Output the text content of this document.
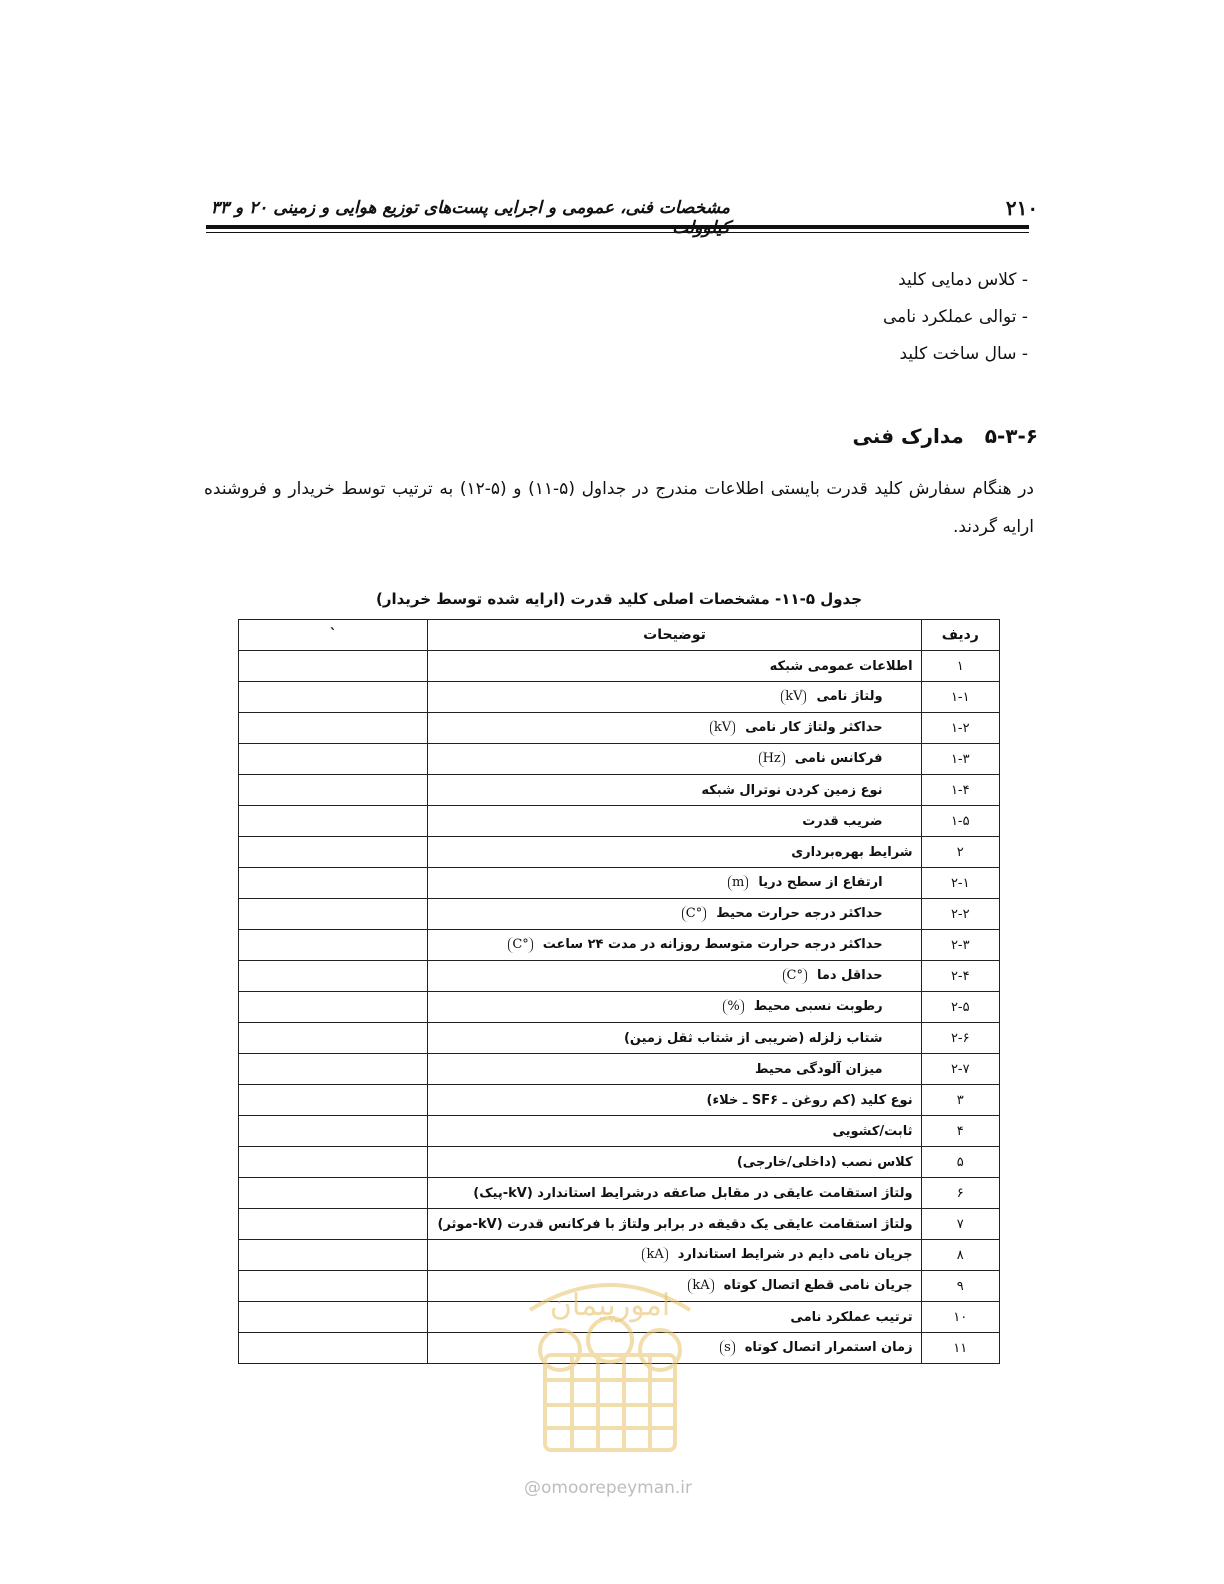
۲۱۰
مشخصات فنی، عمومی و اجرایی پست‌های توزیع هوایی و زمینی ۲۰ و ۳۳
- کلاس دمایی کلید
- توالی عملکرد نامی
- سال ساخت کلید
۵-۳-۶ مدارک فنی

در هنگام سفارش کلید قدرت بایستی اطلاعات مندرج در جداول (۵-۱۱) و (۵-۱۲) به ترتیب توسط خریدار و فروشنده ارایه گردند.

جدول ۵-۱۱- مشخصات اصلی کلید قدرت (ارایه شده توسط خریدار)
ردیف	توضیحات	`
۱	اطلاعات عمومی شبکه	
۱-۱	ولتاژ نامیkV	
۱-۲	حداکثر ولتاژ کار نامیkV	
۱-۳	فرکانس نامیHz	
۱-۴	نوع زمین کردن نوترال شبکه	
۱-۵	ضریب قدرت	
۲	شرایط بهره‌برداری	
۲-۱	ارتفاع از سطح دریاm	
۲-۲	حداکثر درجه حرارت محیط°C	
۲-۳	حداکثر درجه حرارت متوسط روزانه در مدت ۲۴ ساعت°C	
۲-۴	حداقل دما°C	
۲-۵	رطوبت نسبی محیط%	
۲-۶	شتاب زلزله (ضریبی از شتاب ثقل زمین)	
۲-۷	میزان آلودگی محیط	
۳	نوع کلید (کم روغن ـ SF۶ ـ خلاء)	
۴	ثابت/کشویی	
۵	کلاس نصب (داخلی/خارجی)	
۶	ولتاژ استقامت عایقی در مقابل صاعقه درشرایط استاندارد (kV-پیک)	
۷	ولتاژ استقامت عایقی یک دقیقه در برابر ولتاژ با فرکانس قدرت (kV-موثر)	
۸	جریان نامی دایم در شرایط استانداردkA	
۹	جریان نامی قطع اتصال کوتاهkA	
۱۰	ترتیب عملکرد نامی	
۱۱	زمان استمرار اتصال کوتاهs	
امورپیمان
@omoorepeyman.ir
